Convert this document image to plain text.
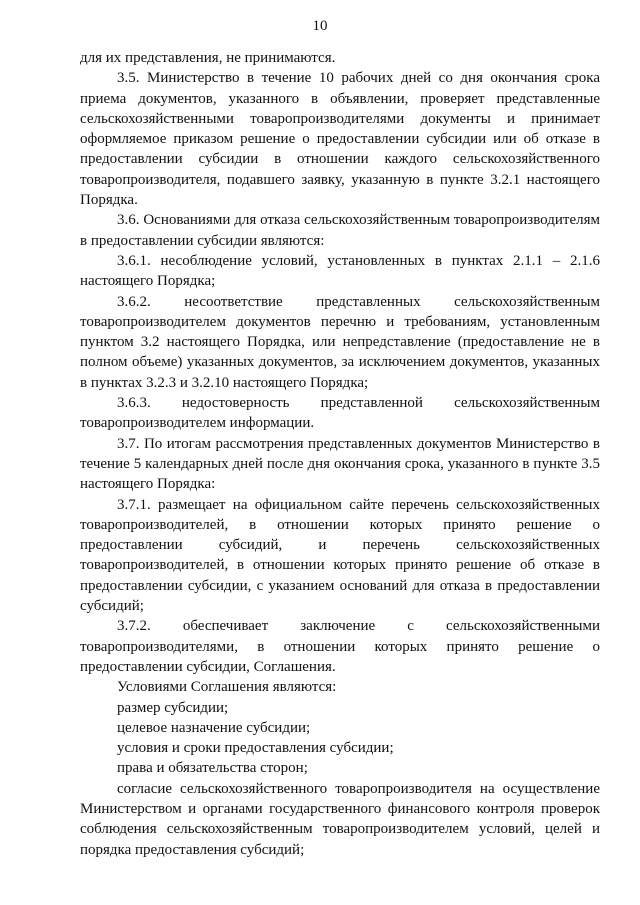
10

для их представления, не принимаются.

3.5. Министерство в течение 10 рабочих дней со дня окончания срока приема документов, указанного в объявлении, проверяет представленные сельскохозяйственными товаропроизводителями документы и принимает оформляемое приказом решение о предоставлении субсидии или об отказе в предоставлении субсидии в отношении каждого сельскохозяйственного товаропроизводителя, подавшего заявку, указанную в пункте 3.2.1 настоящего Порядка.

3.6. Основаниями для отказа сельскохозяйственным товаропроизводителям в предоставлении субсидии являются:

3.6.1. несоблюдение условий, установленных в пунктах 2.1.1 – 2.1.6 настоящего Порядка;

3.6.2. несоответствие представленных сельскохозяйственным товаропроизводителем документов перечню и требованиям, установленным пунктом 3.2 настоящего Порядка, или непредставление (предоставление не в полном объеме) указанных документов, за исключением документов, указанных в пунктах 3.2.3 и 3.2.10 настоящего Порядка;

3.6.3. недостоверность представленной сельскохозяйственным товаропроизводителем информации.

3.7. По итогам рассмотрения представленных документов Министерство в течение 5 календарных дней после дня окончания срока, указанного в пункте 3.5 настоящего Порядка:

3.7.1. размещает на официальном сайте перечень сельскохозяйственных товаропроизводителей, в отношении которых принято решение о предоставлении субсидий, и перечень сельскохозяйственных товаропроизводителей, в отношении которых принято решение об отказе в предоставлении субсидии, с указанием оснований для отказа в предоставлении субсидий;

3.7.2. обеспечивает заключение с сельскохозяйственными товаропроизводителями, в отношении которых принято решение о предоставлении субсидии, Соглашения.

Условиями Соглашения являются:

размер субсидии;

целевое назначение субсидии;

условия и сроки предоставления субсидии;

права и обязательства сторон;

согласие сельскохозяйственного товаропроизводителя на осуществление Министерством и органами государственного финансового контроля проверок соблюдения сельскохозяйственным товаропроизводителем условий, целей и порядка предоставления субсидий;
